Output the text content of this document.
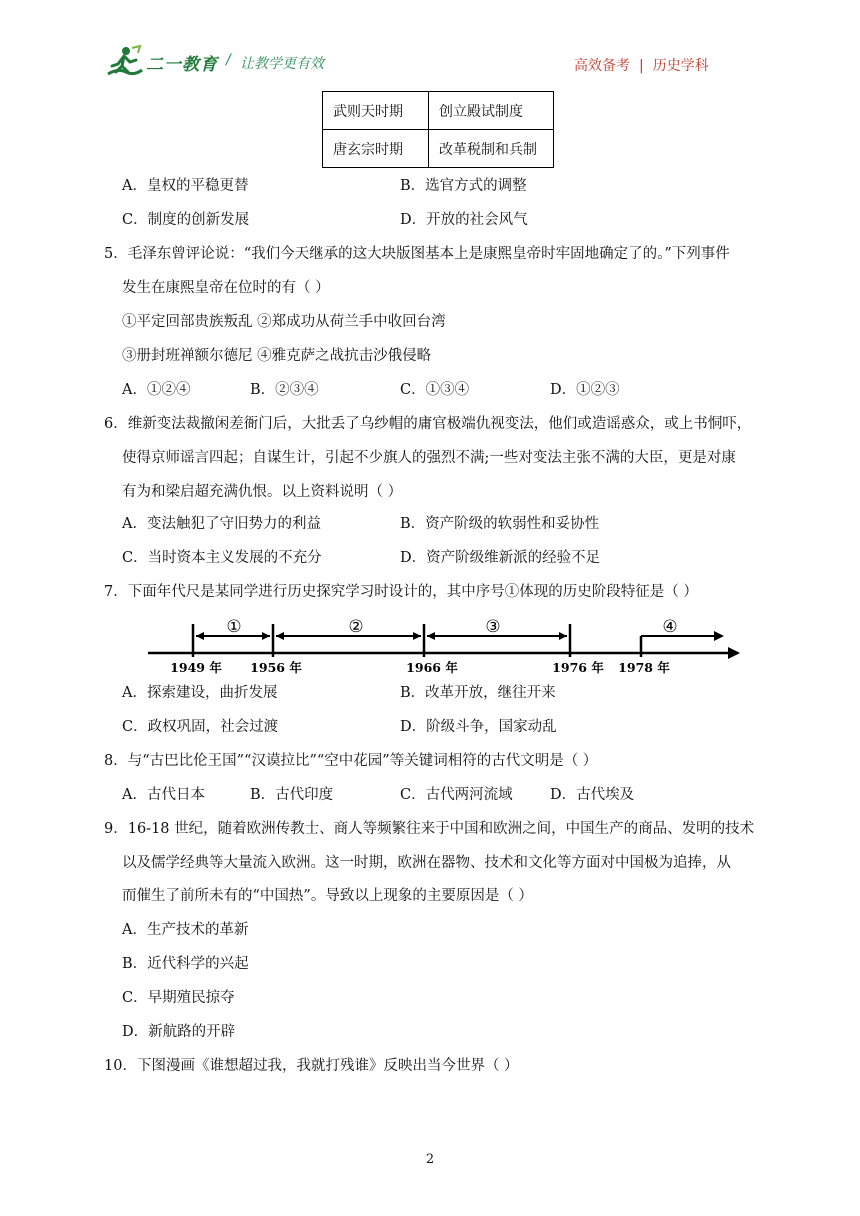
二一教育 / 让教学更有效	高效备考 | 历史学科
武则天时期	创立殿试制度
唐玄宗时期	改革税制和兵制
A．皇权的平稳更替	B．选官方式的调整
C．制度的创新发展	D．开放的社会风气
5．毛泽东曾评论说：“我们今天继承的这大块版图基本上是康熙皇帝时牢固地确定了的。”下列事件
发生在康熙皇帝在位时的有（ ）
①平定回部贵族叛乱 ②郑成功从荷兰手中收回台湾
③册封班禅额尔德尼 ④雅克萨之战抗击沙俄侵略
A．①②④	B．②③④	C．①③④	D．①②③
6．维新变法裁撤闲差衙门后，大批丢了乌纱帽的庸官极端仇视变法，他们或造谣惑众，或上书恫吓，
使得京师谣言四起；自谋生计，引起不少旗人的强烈不满;一些对变法主张不满的大臣，更是对康
有为和梁启超充满仇恨。以上资料说明（ ）
A．变法触犯了守旧势力的利益	B．资产阶级的软弱性和妥协性
C．当时资本主义发展的不充分	D．资产阶级维新派的经验不足
7．下面年代尺是某同学进行历史探究学习时设计的，其中序号①体现的历史阶段特征是（ ）
①	②	③	④
1949 年 1956 年	1966 年	1976 年 1978 年
A．探索建设，曲折发展	B．改革开放，继往开来
C．政权巩固，社会过渡	D．阶级斗争，国家动乱
8．与“古巴比伦王国”“汉谟拉比”“空中花园”等关键词相符的古代文明是（ ）
A．古代日本	B．古代印度	C．古代两河流域	D．古代埃及
9．16-18 世纪，随着欧洲传教士、商人等频繁往来于中国和欧洲之间，中国生产的商品、发明的技术
以及儒学经典等大量流入欧洲。这一时期，欧洲在器物、技术和文化等方面对中国极为追捧，从
而催生了前所未有的“中国热”。导致以上现象的主要原因是（ ）
A．生产技术的革新
B．近代科学的兴起
C．早期殖民掠夺
D．新航路的开辟
10．下图漫画《谁想超过我，我就打残谁》反映出当今世界（ ）
2
